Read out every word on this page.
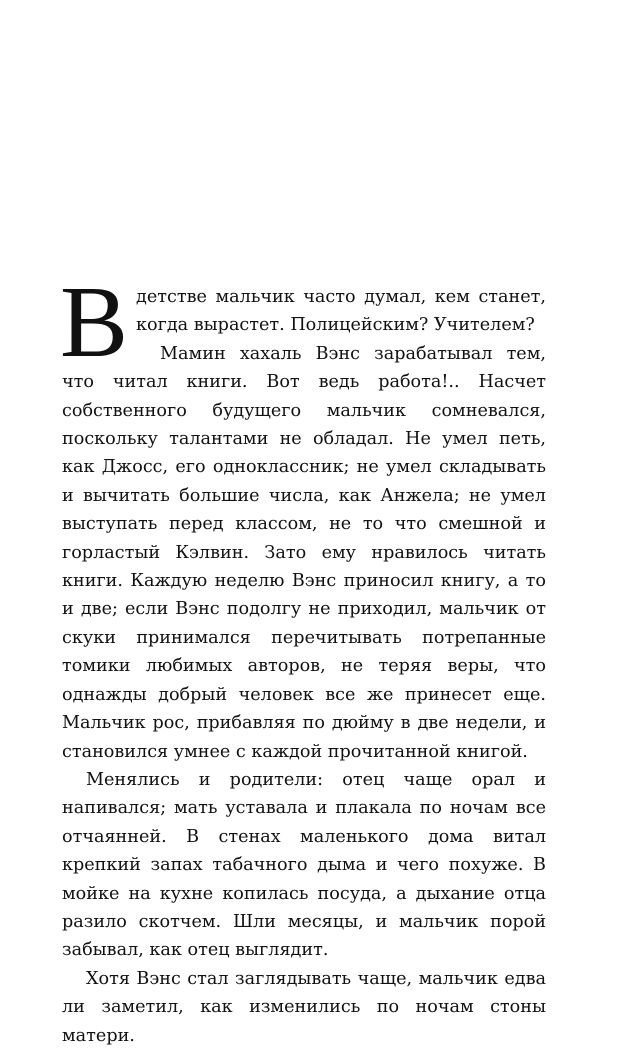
Вдетстве мальчик часто думал, кем станет, когда вырастет. Полицейским? Учителем?

Мамин хахаль Вэнс зарабатывал тем, что читал книги. Вот ведь работа!.. Насчет собственного будущего мальчик сомневался, поскольку талантами не обладал. Не умел петь, как Джосс, его одноклассник; не умел складывать и вычитать большие числа, как Анжела; не умел выступать перед классом, не то что смешной и горластый Кэлвин. Зато ему нравилось читать книги. Каждую неделю Вэнс приносил книгу, а то и две; если Вэнс подолгу не приходил, мальчик от скуки принимался перечитывать потрепанные томики любимых авторов, не теряя веры, что однажды добрый человек все же принесет еще. Мальчик рос, прибавляя по дюйму в две недели, и становился умнее с каждой прочитанной книгой.

Менялись и родители: отец чаще орал и напивался; мать уставала и плакала по ночам все отчаянней. В стенах маленького дома витал крепкий запах табачного дыма и чего похуже. В мойке на кухне копилась посуда, а дыхание отца разило скотчем. Шли месяцы, и мальчик порой забывал, как отец выглядит.

Хотя Вэнс стал заглядывать чаще, мальчик едва ли заметил, как изменились по ночам стоны матери.
